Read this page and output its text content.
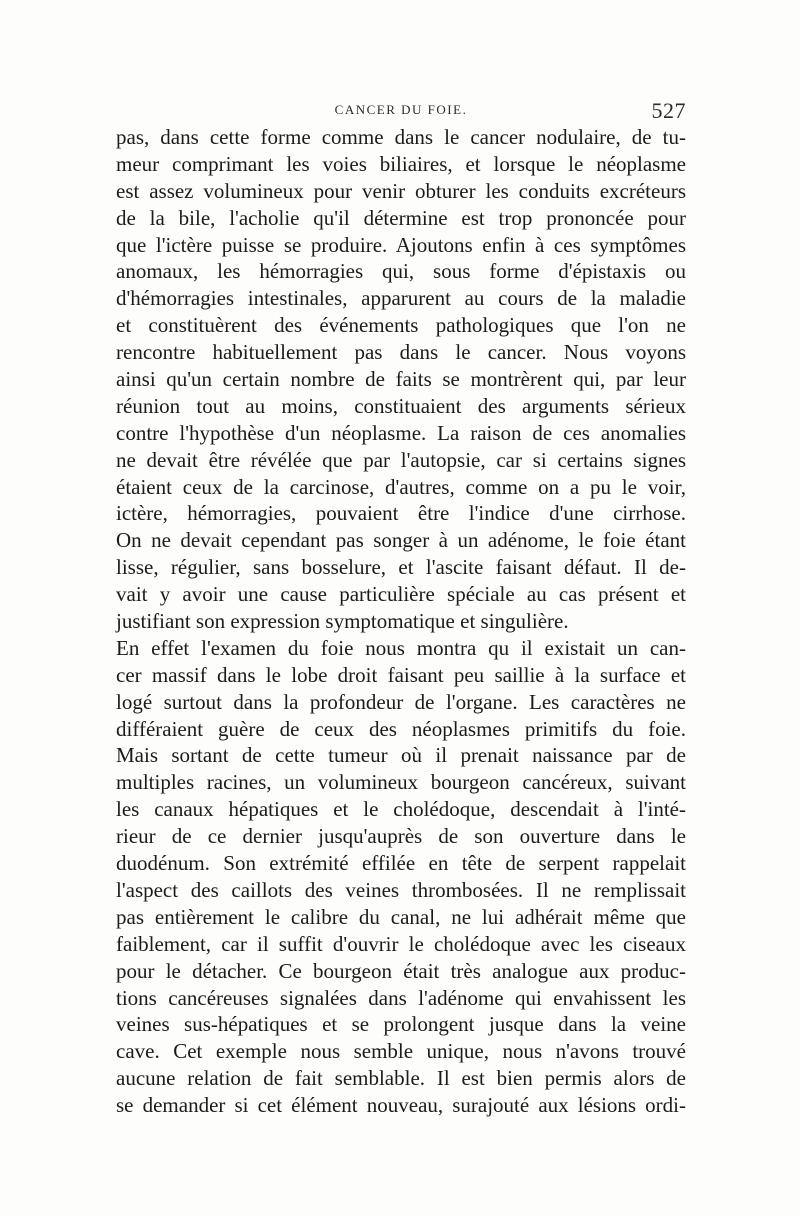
CANCER DU FOIE.	527
pas, dans cette forme comme dans le cancer nodulaire, de tu-
meur comprimant les voies biliaires, et lorsque le néoplasme
est assez volumineux pour venir obturer les conduits excréteurs
de la bile, l'acholie qu'il détermine est trop prononcée pour
que l'ictère puisse se produire. Ajoutons enfin à ces symptômes
anomaux, les hémorragies qui, sous forme d'épistaxis ou
d'hémorragies intestinales, apparurent au cours de la maladie
et constituèrent des événements pathologiques que l'on ne
rencontre habituellement pas dans le cancer. Nous voyons
ainsi qu'un certain nombre de faits se montrèrent qui, par leur
réunion tout au moins, constituaient des arguments sérieux
contre l'hypothèse d'un néoplasme. La raison de ces anomalies
ne devait être révélée que par l'autopsie, car si certains signes
étaient ceux de la carcinose, d'autres, comme on a pu le voir,
ictère, hémorragies, pouvaient être l'indice d'une cirrhose.
On ne devait cependant pas songer à un adénome, le foie étant
lisse, régulier, sans bosselure, et l'ascite faisant défaut. Il de-
vait y avoir une cause particulière spéciale au cas présent et
justifiant son expression symptomatique et singulière.
En effet l'examen du foie nous montra qu il existait un can-
cer massif dans le lobe droit faisant peu saillie à la surface et
logé surtout dans la profondeur de l'organe. Les caractères ne
différaient guère de ceux des néoplasmes primitifs du foie.
Mais sortant de cette tumeur où il prenait naissance par de
multiples racines, un volumineux bourgeon cancéreux, suivant
les canaux hépatiques et le cholédoque, descendait à l'inté-
rieur de ce dernier jusqu'auprès de son ouverture dans le
duodénum. Son extrémité effilée en tête de serpent rappelait
l'aspect des caillots des veines thrombosées. Il ne remplissait
pas entièrement le calibre du canal, ne lui adhérait même que
faiblement, car il suffit d'ouvrir le cholédoque avec les ciseaux
pour le détacher. Ce bourgeon était très analogue aux produc-
tions cancéreuses signalées dans l'adénome qui envahissent les
veines sus-hépatiques et se prolongent jusque dans la veine
cave. Cet exemple nous semble unique, nous n'avons trouvé
aucune relation de fait semblable. Il est bien permis alors de
se demander si cet élément nouveau, surajouté aux lésions ordi-
